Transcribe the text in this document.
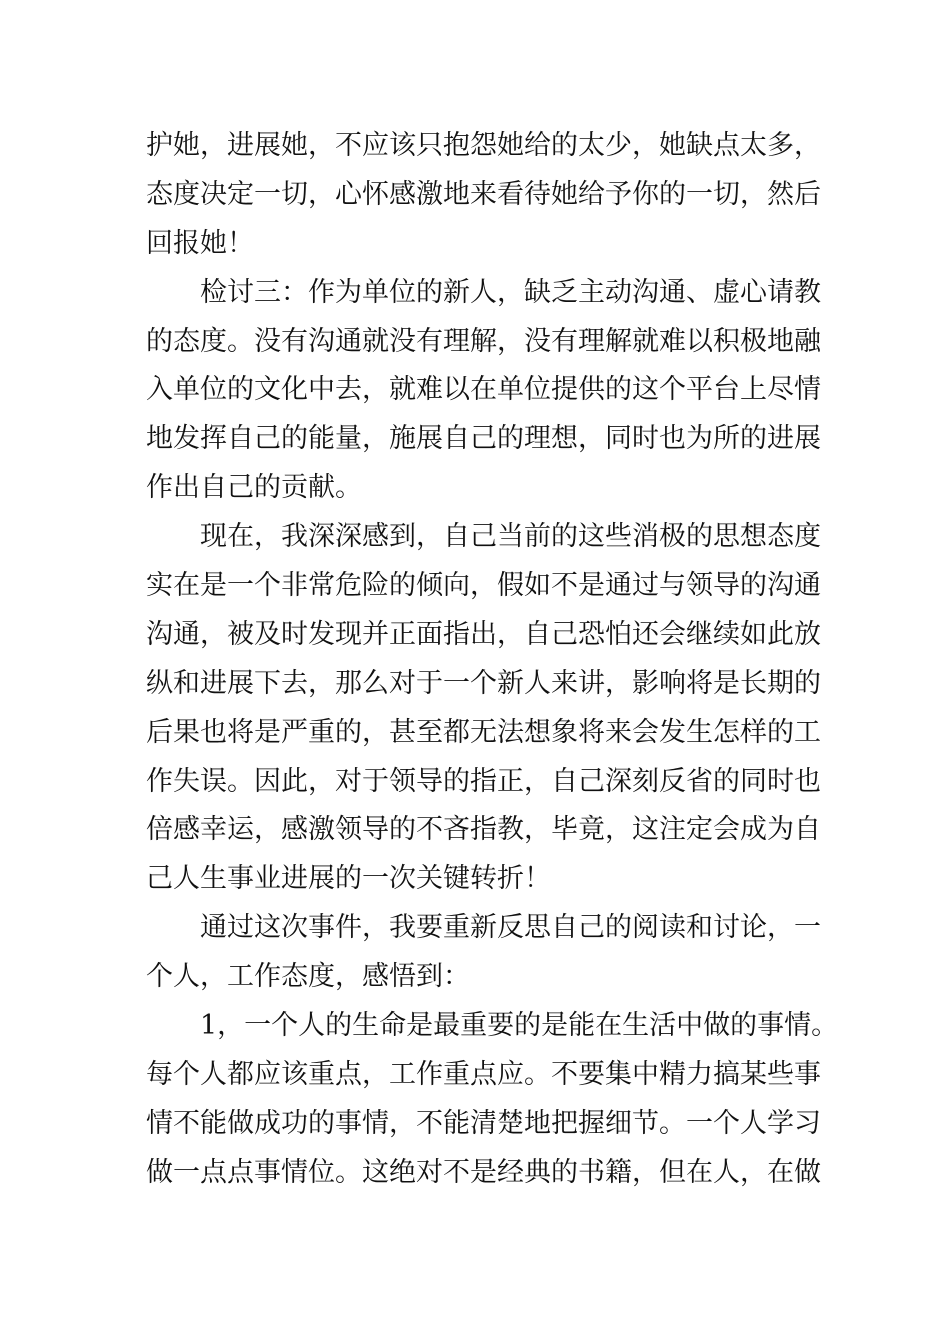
护她，进展她，不应该只抱怨她给的太少，她缺点太多，
态度决定一切，心怀感激地来看待她给予你的一切，然后
回报她！
检讨三：作为单位的新人，缺乏主动沟通、虚心请教
的态度。没有沟通就没有理解，没有理解就难以积极地融
入单位的文化中去，就难以在单位提供的这个平台上尽情
地发挥自己的能量，施展自己的理想，同时也为所的进展
作出自己的贡献。
现在，我深深感到，自己当前的这些消极的思想态度
实在是一个非常危险的倾向，假如不是通过与领导的沟通
沟通，被及时发现并正面指出，自己恐怕还会继续如此放
纵和进展下去，那么对于一个新人来讲，影响将是长期的
后果也将是严重的，甚至都无法想象将来会发生怎样的工
作失误。因此，对于领导的指正，自己深刻反省的同时也
倍感幸运，感激领导的不吝指教，毕竟，这注定会成为自
己人生事业进展的一次关键转折！
通过这次事件，我要重新反思自己的阅读和讨论，一
个人，工作态度，感悟到：
1，一个人的生命是最重要的是能在生活中做的事情。
每个人都应该重点，工作重点应。不要集中精力搞某些事
情不能做成功的事情，不能清楚地把握细节。一个人学习
做一点点事情位。这绝对不是经典的书籍，但在人，在做
